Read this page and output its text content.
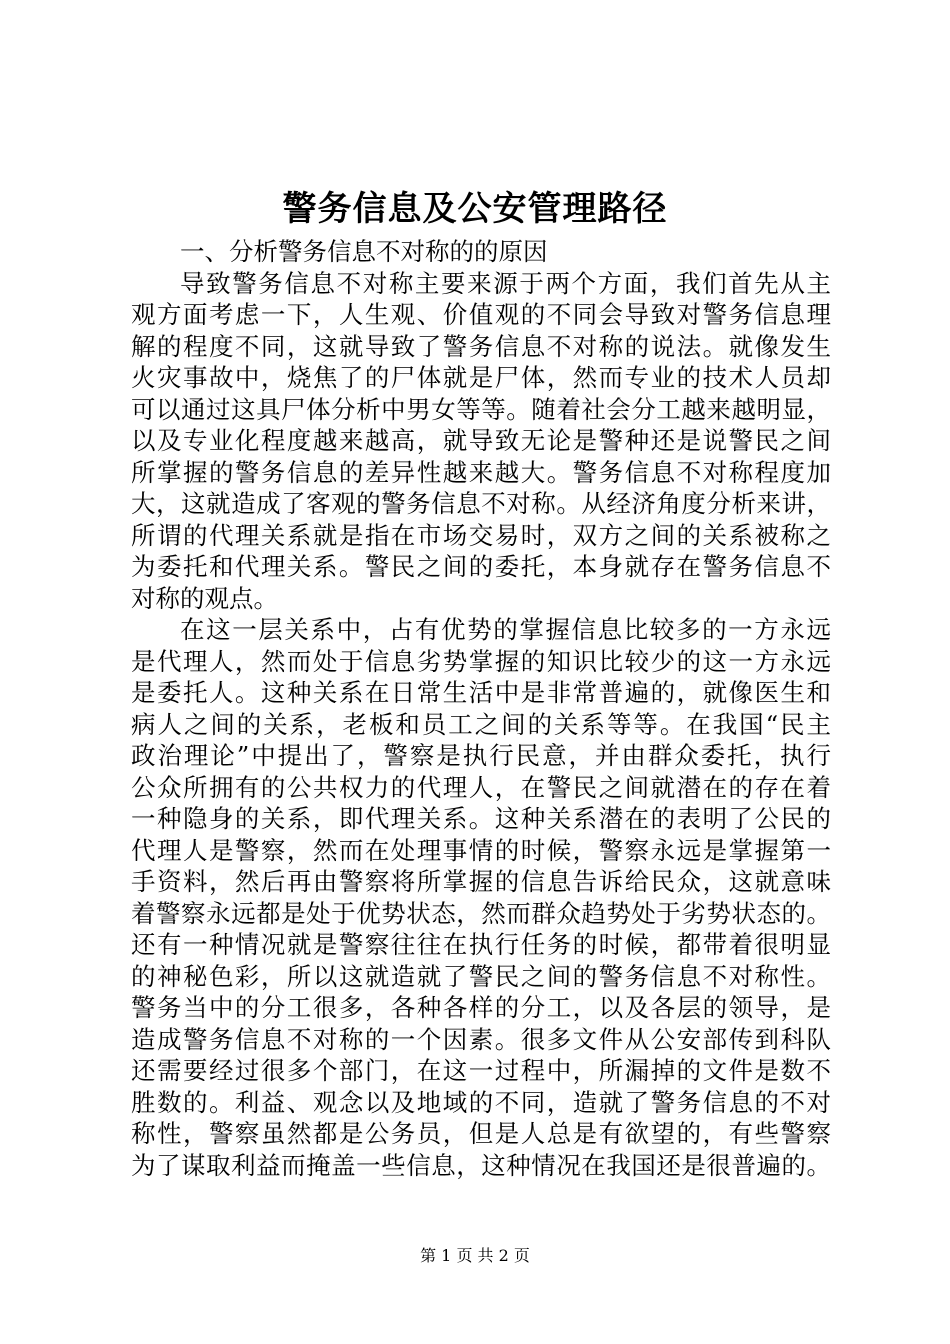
警务信息及公安管理路径
一、分析警务信息不对称的的原因
导致警务信息不对称主要来源于两个方面，我们首先从主
观方面考虑一下，人生观、价值观的不同会导致对警务信息理
解的程度不同，这就导致了警务信息不对称的说法。就像发生
火灾事故中，烧焦了的尸体就是尸体，然而专业的技术人员却
可以通过这具尸体分析中男女等等。随着社会分工越来越明显，
以及专业化程度越来越高，就导致无论是警种还是说警民之间
所掌握的警务信息的差异性越来越大。警务信息不对称程度加
大，这就造成了客观的警务信息不对称。从经济角度分析来讲，
所谓的代理关系就是指在市场交易时，双方之间的关系被称之
为委托和代理关系。警民之间的委托，本身就存在警务信息不
对称的观点。
在这一层关系中，占有优势的掌握信息比较多的一方永远
是代理人，然而处于信息劣势掌握的知识比较少的这一方永远
是委托人。这种关系在日常生活中是非常普遍的，就像医生和
病人之间的关系，老板和员工之间的关系等等。在我国“民主
政治理论”中提出了，警察是执行民意，并由群众委托，执行
公众所拥有的公共权力的代理人，在警民之间就潜在的存在着
一种隐身的关系，即代理关系。这种关系潜在的表明了公民的
代理人是警察，然而在处理事情的时候，警察永远是掌握第一
手资料，然后再由警察将所掌握的信息告诉给民众，这就意味
着警察永远都是处于优势状态，然而群众趋势处于劣势状态的。
还有一种情况就是警察往往在执行任务的时候，都带着很明显
的神秘色彩，所以这就造就了警民之间的警务信息不对称性。
警务当中的分工很多，各种各样的分工，以及各层的领导，是
造成警务信息不对称的一个因素。很多文件从公安部传到科队
还需要经过很多个部门，在这一过程中，所漏掉的文件是数不
胜数的。利益、观念以及地域的不同，造就了警务信息的不对
称性，警察虽然都是公务员，但是人总是有欲望的，有些警察
为了谋取利益而掩盖一些信息，这种情况在我国还是很普遍的。
第 1 页 共 2 页
